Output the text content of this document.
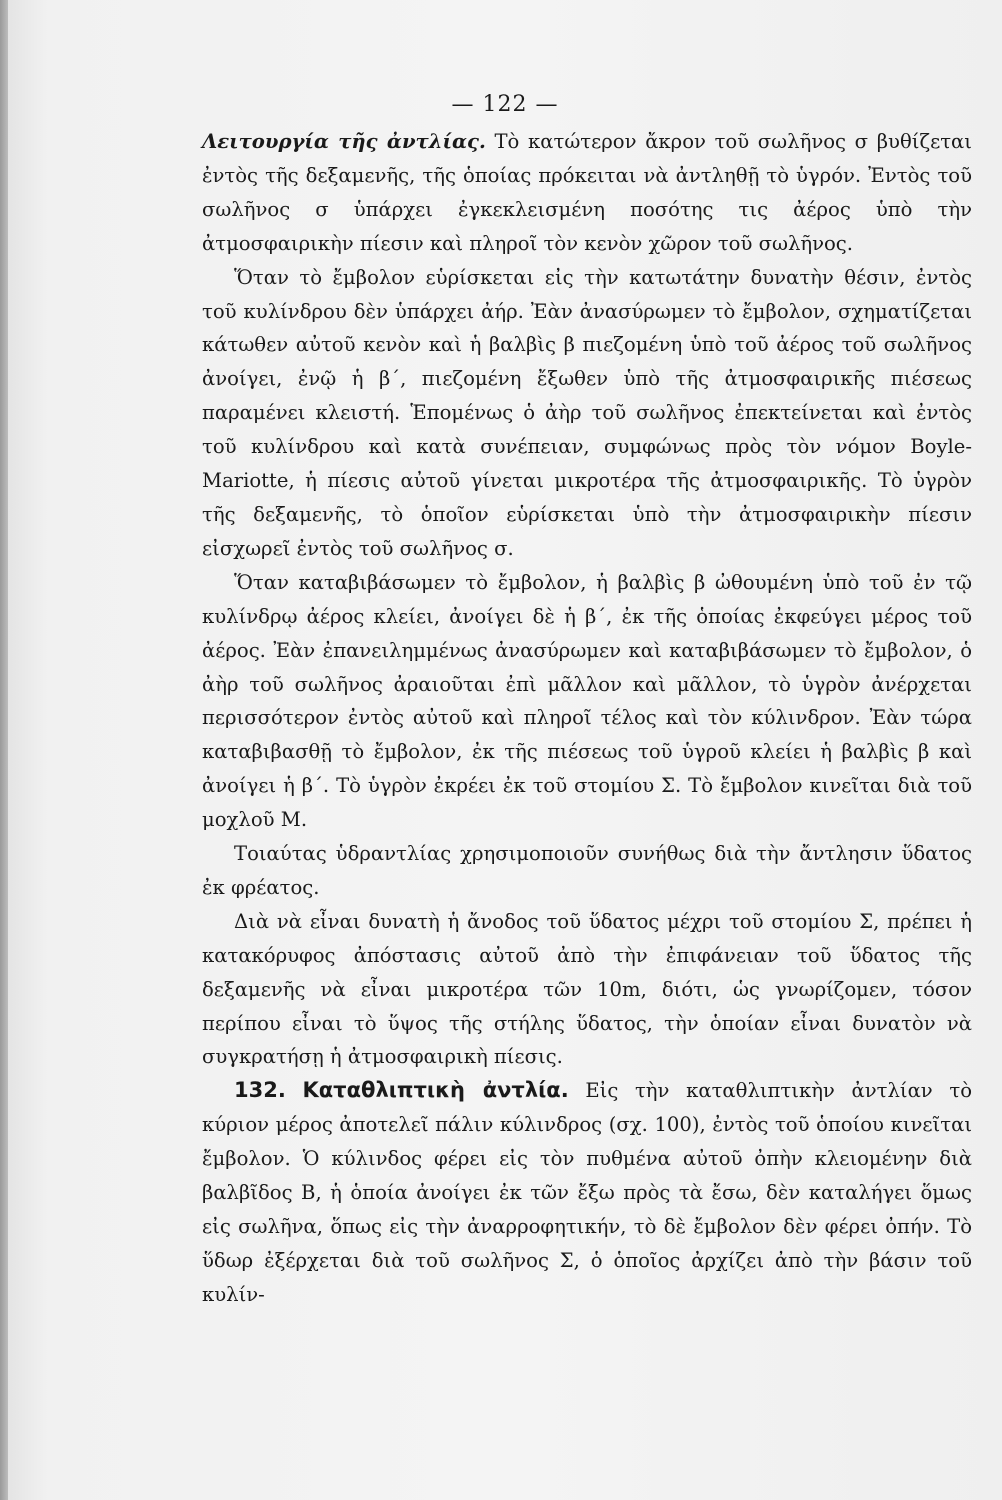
— 122 —

Λειτουργία τῆς ἀντλίας. Τὸ κατώτερον ἄκρον τοῦ σωλῆνος σ βυθίζεται ἐντὸς τῆς δεξαμενῆς, τῆς ὁποίας πρόκειται νὰ ἀντληθῇ τὸ ὑγρόν. Ἐντὸς τοῦ σωλῆνος σ ὑπάρχει ἐγκεκλεισμένη ποσότης τις ἀέρος ὑπὸ τὴν ἀτμοσφαιρικὴν πίεσιν καὶ πληροῖ τὸν κενὸν χῶρον τοῦ σωλῆνος.

Ὅταν τὸ ἔμβολον εὑρίσκεται εἰς τὴν κατωτάτην δυνατὴν θέσιν, ἐντὸς τοῦ κυλίνδρου δὲν ὑπάρχει ἀήρ. Ἐὰν ἀνασύρωμεν τὸ ἔμβολον, σχηματίζεται κάτωθεν αὐτοῦ κενὸν καὶ ἡ βαλβὶς β πιεζομένη ὑπὸ τοῦ ἀέρος τοῦ σωλῆνος ἀνοίγει, ἐνῷ ἡ β΄, πιεζομένη ἔξωθεν ὑπὸ τῆς ἀτμοσφαιρικῆς πιέσεως παραμένει κλειστή. Ἑπομένως ὁ ἀὴρ τοῦ σωλῆνος ἐπεκτείνεται καὶ ἐντὸς τοῦ κυλίνδρου καὶ κατὰ συνέπειαν, συμφώνως πρὸς τὸν νόμον Boyle-Mariotte, ἡ πίεσις αὐτοῦ γίνεται μικροτέρα τῆς ἀτμοσφαιρικῆς. Τὸ ὑγρὸν τῆς δεξαμενῆς, τὸ ὁποῖον εὑρίσκεται ὑπὸ τὴν ἀτμοσφαιρικὴν πίεσιν εἰσχωρεῖ ἐντὸς τοῦ σωλῆνος σ.

Ὅταν καταβιβάσωμεν τὸ ἔμβολον, ἡ βαλβὶς β ὠθουμένη ὑπὸ τοῦ ἐν τῷ κυλίνδρῳ ἀέρος κλείει, ἀνοίγει δὲ ἡ β΄, ἐκ τῆς ὁποίας ἐκφεύγει μέρος τοῦ ἀέρος. Ἐὰν ἐπανειλημμένως ἀνασύρωμεν καὶ καταβιβάσωμεν τὸ ἔμβολον, ὁ ἀὴρ τοῦ σωλῆνος ἀραιοῦται ἐπὶ μᾶλλον καὶ μᾶλλον, τὸ ὑγρὸν ἀνέρχεται περισσότερον ἐντὸς αὐτοῦ καὶ πληροῖ τέλος καὶ τὸν κύλινδρον. Ἐὰν τώρα καταβιβασθῇ τὸ ἔμβολον, ἐκ τῆς πιέσεως τοῦ ὑγροῦ κλείει ἡ βαλβὶς β καὶ ἀνοίγει ἡ β΄. Τὸ ὑγρὸν ἐκρέει ἐκ τοῦ στομίου Σ. Τὸ ἔμβολον κινεῖται διὰ τοῦ μοχλοῦ Μ.

Τοιαύτας ὑδραντλίας χρησιμοποιοῦν συνήθως διὰ τὴν ἄντλησιν ὕδατος ἐκ φρέατος.

Διὰ νὰ εἶναι δυνατὴ ἡ ἄνοδος τοῦ ὕδατος μέχρι τοῦ στομίου Σ, πρέπει ἡ κατακόρυφος ἀπόστασις αὐτοῦ ἀπὸ τὴν ἐπιφάνειαν τοῦ ὕδατος τῆς δεξαμενῆς νὰ εἶναι μικροτέρα τῶν 10m, διότι, ὡς γνωρίζομεν, τόσον περίπου εἶναι τὸ ὕψος τῆς στήλης ὕδατος, τὴν ὁποίαν εἶναι δυνατὸν νὰ συγκρατήσῃ ἡ ἀτμοσφαιρικὴ πίεσις.

132. Καταθλιπτικὴ ἀντλία. Εἰς τὴν καταθλιπτικὴν ἀντλίαν τὸ κύριον μέρος ἀποτελεῖ πάλιν κύλινδρος (σχ. 100), ἐντὸς τοῦ ὁποίου κινεῖται ἔμβολον. Ὁ κύλινδος φέρει εἰς τὸν πυθμένα αὐτοῦ ὀπὴν κλειομένην διὰ βαλβῖδος Β, ἡ ὁποία ἀνοίγει ἐκ τῶν ἔξω πρὸς τὰ ἔσω, δὲν καταλήγει ὅμως εἰς σωλῆνα, ὅπως εἰς τὴν ἀναρροφητικήν, τὸ δὲ ἔμβολον δὲν φέρει ὀπήν. Τὸ ὕδωρ ἐξέρχεται διὰ τοῦ σωλῆνος Σ, ὁ ὁποῖος ἀρχίζει ἀπὸ τὴν βάσιν τοῦ κυλίν-
